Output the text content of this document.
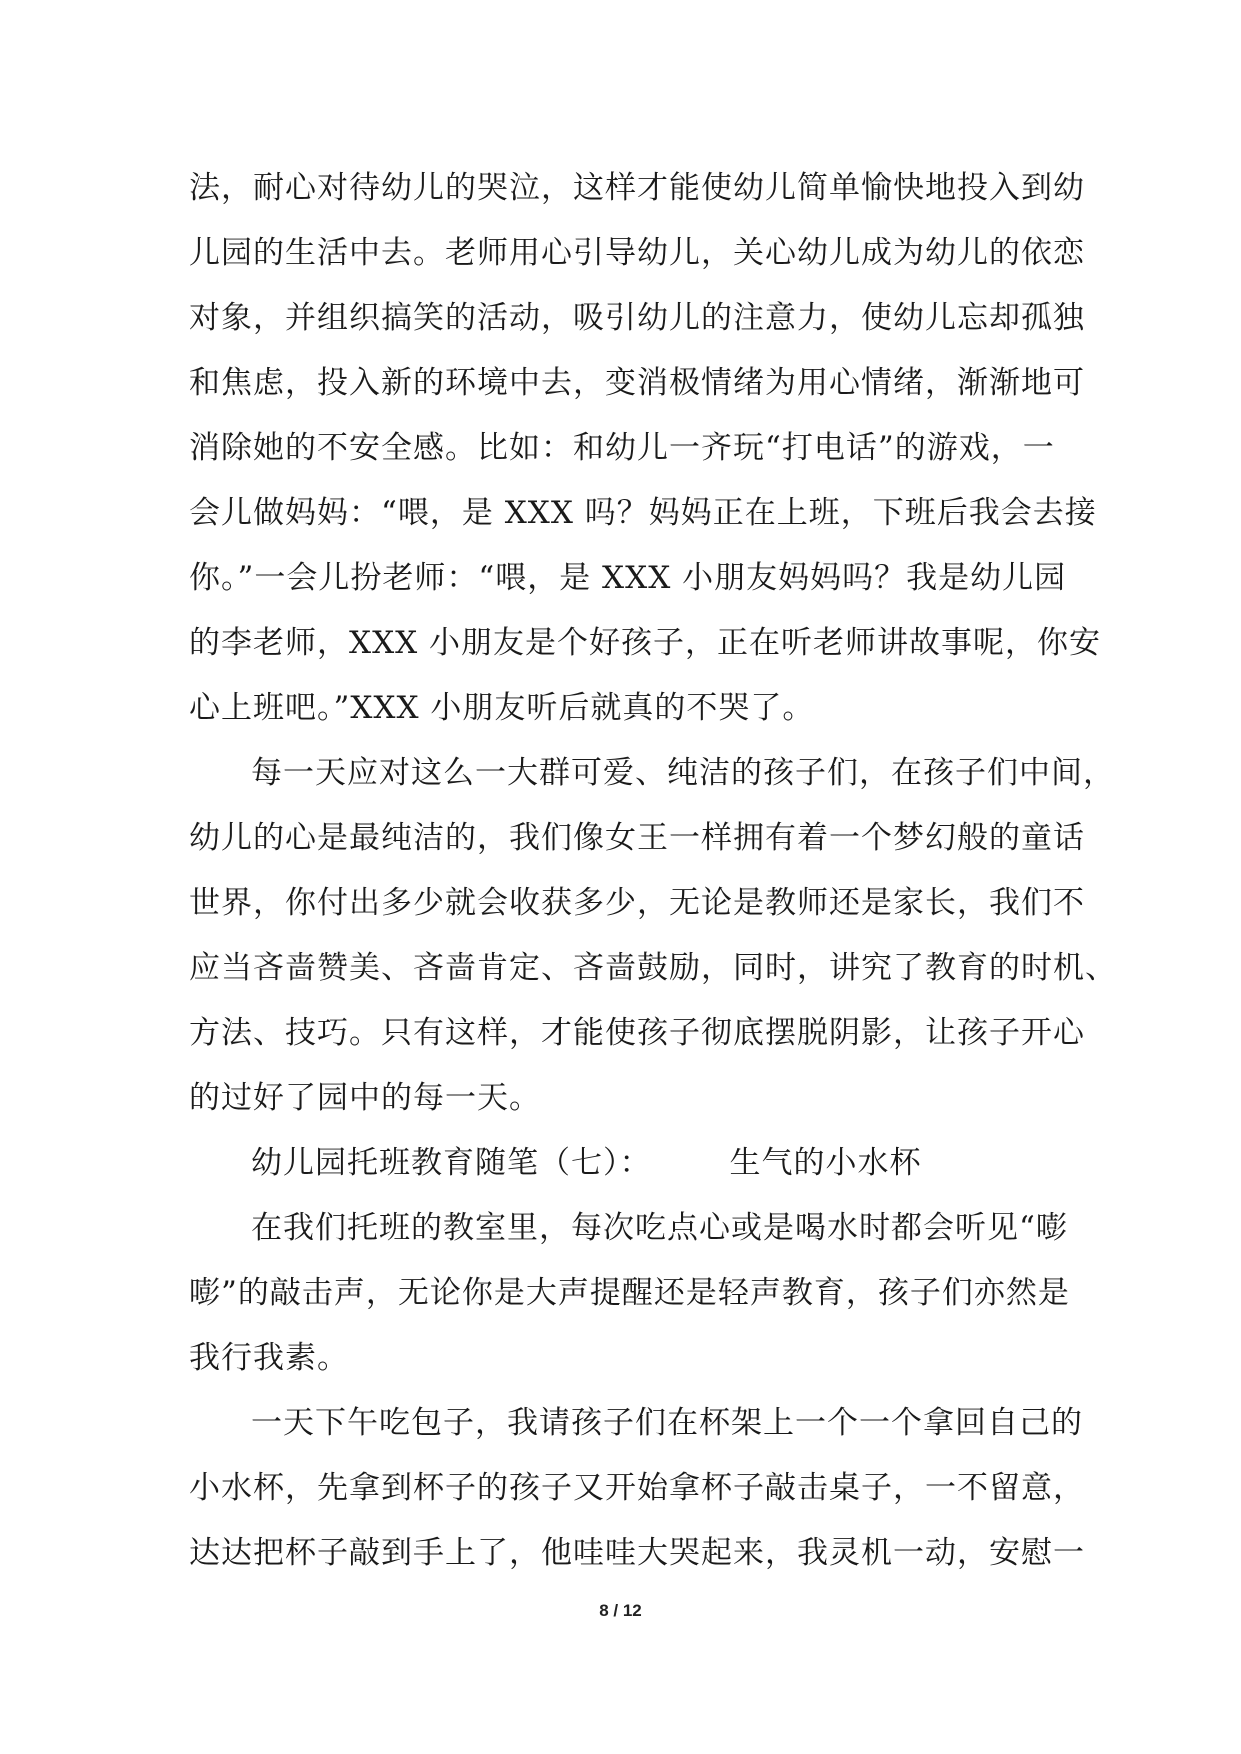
法，耐心对待幼儿的哭泣，这样才能使幼儿简单愉快地投入到幼
儿园的生活中去。老师用心引导幼儿，关心幼儿成为幼儿的依恋
对象，并组织搞笑的活动，吸引幼儿的注意力，使幼儿忘却孤独
和焦虑，投入新的环境中去，变消极情绪为用心情绪，渐渐地可
消除她的不安全感。比如：和幼儿一齐玩“打电话”的游戏，一
会儿做妈妈：“喂，是 XXX 吗？妈妈正在上班，下班后我会去接
你。”一会儿扮老师：“喂，是 XXX 小朋友妈妈吗？我是幼儿园
的李老师，XXX 小朋友是个好孩子，正在听老师讲故事呢，你安
心上班吧。”XXX 小朋友听后就真的不哭了。
每一天应对这么一大群可爱、纯洁的孩子们，在孩子们中间，
幼儿的心是最纯洁的，我们像女王一样拥有着一个梦幻般的童话
世界，你付出多少就会收获多少，无论是教师还是家长，我们不
应当吝啬赞美、吝啬肯定、吝啬鼓励，同时，讲究了教育的时机、
方法、技巧。只有这样，才能使孩子彻底摆脱阴影，让孩子开心
的过好了园中的每一天。
幼儿园托班教育随笔（七）：	生气的小水杯
在我们托班的教室里，每次吃点心或是喝水时都会听见“嘭
嘭”的敲击声，无论你是大声提醒还是轻声教育，孩子们亦然是
我行我素。
一天下午吃包子，我请孩子们在杯架上一个一个拿回自己的
小水杯，先拿到杯子的孩子又开始拿杯子敲击桌子，一不留意，
达达把杯子敲到手上了，他哇哇大哭起来，我灵机一动，安慰一
8 / 12
